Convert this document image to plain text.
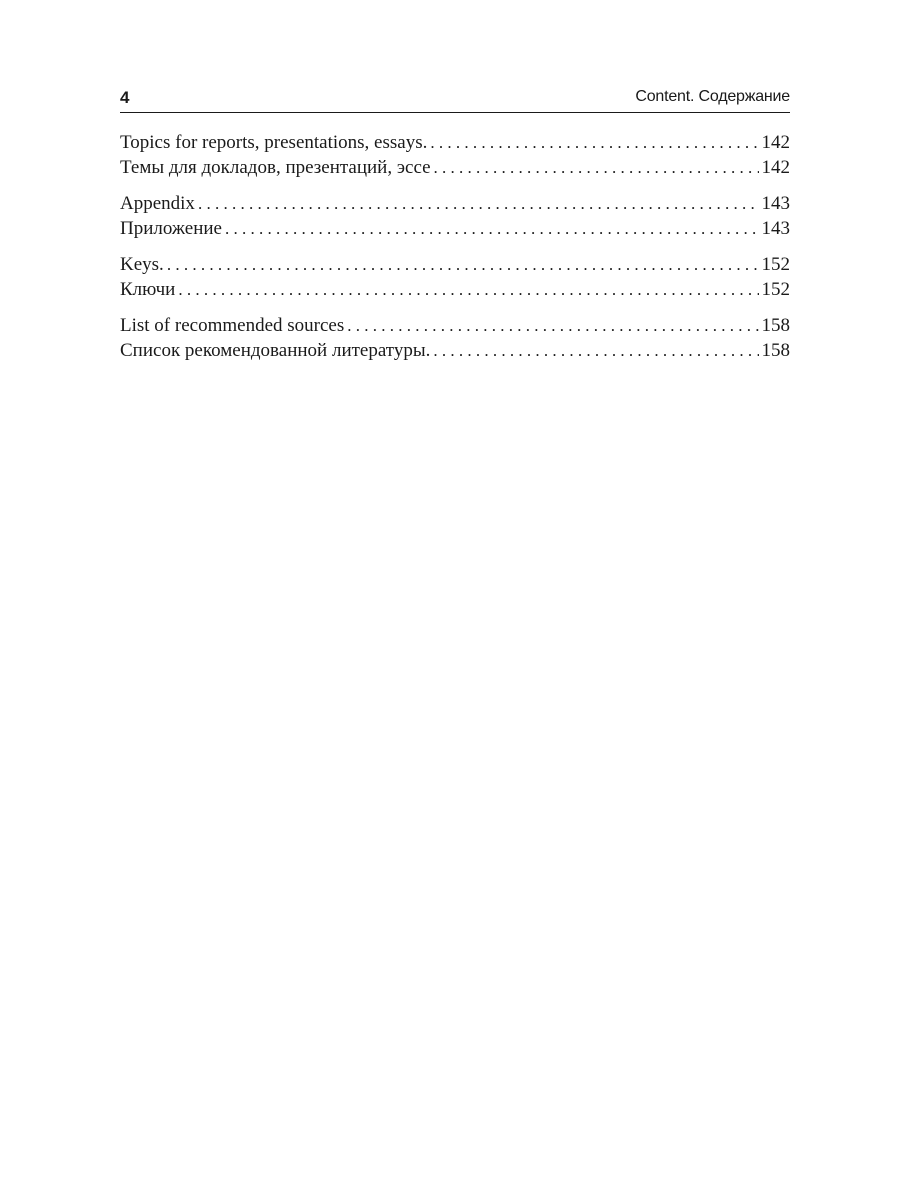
4	Content. Содержание
Topics for reports, presentations, essays. . . .	142
Темы для докладов, презентаций, эссе . . .	142
Appendix . . .	143
Приложение . . .	143
Keys. . . .	152
Ключи . . .	152
List of recommended sources . . .	158
Список рекомендованной литературы. . . .	158
